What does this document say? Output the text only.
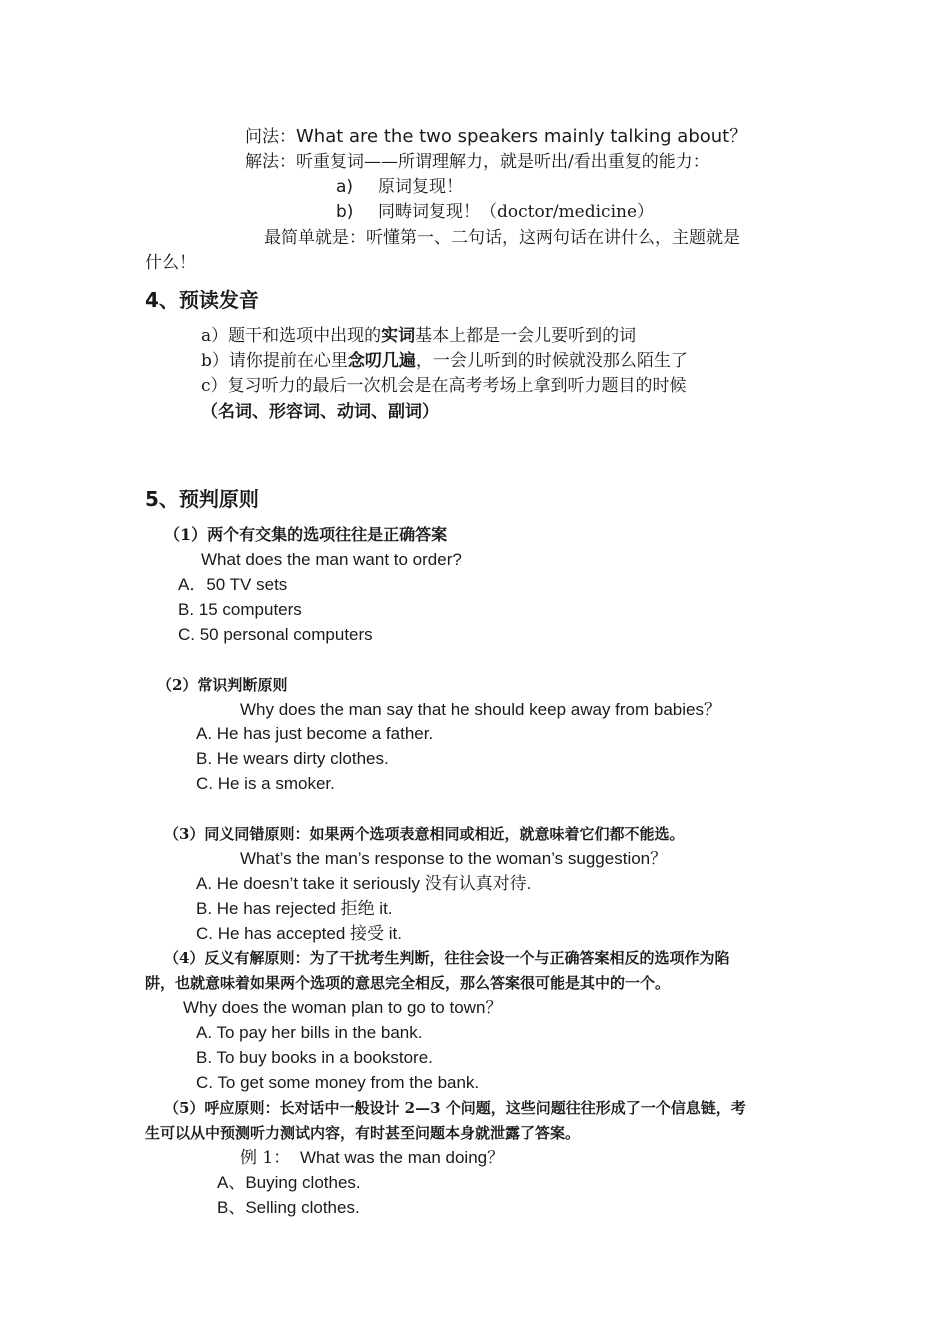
问法：What are the two speakers mainly talking about？
解法：听重复词——所谓理解力，就是听出/看出重复的能力：
a) 原词复现！
b) 同畴词复现！（doctor/medicine）
最简单就是：听懂第一、二句话，这两句话在讲什么，主题就是
什么！
4、预读发音
a）题干和选项中出现的实词基本上都是一会儿要听到的词
b）请你提前在心里念叨几遍，一会儿听到的时候就没那么陌生了
c）复习听力的最后一次机会是在高考考场上拿到听力题目的时候
（名词、形容词、动词、副词）
5、预判原则
（1）两个有交集的选项往往是正确答案
What does the man want to order?
A．50 TV sets
B. 15 computers
C. 50 personal computers
（2）常识判断原则
Why does the man say that he should keep away from babies？
A. He has just become a father.
B. He wears dirty clothes.
C. He is a smoker.
（3）同义同错原则：如果两个选项表意相同或相近，就意味着它们都不能选。
What’s the man’s response to the woman’s suggestion？
A. He doesn’t take it seriously 没有认真对待.
B. He has rejected 拒绝 it.
C. He has accepted 接受 it.
（4）反义有解原则：为了干扰考生判断，往往会设一个与正确答案相反的选项作为陷
阱，也就意味着如果两个选项的意思完全相反，那么答案很可能是其中的一个。
Why does the woman plan to go to town？
A. To pay her bills in the bank.
B. To buy books in a bookstore.
C. To get some money from the bank.
（5）呼应原则：长对话中一般设计 2—3 个问题，这些问题往往形成了一个信息链，考
生可以从中预测听力测试内容，有时甚至问题本身就泄露了答案。
例 1： What was the man doing？
A、Buying clothes.
B、Selling clothes.
